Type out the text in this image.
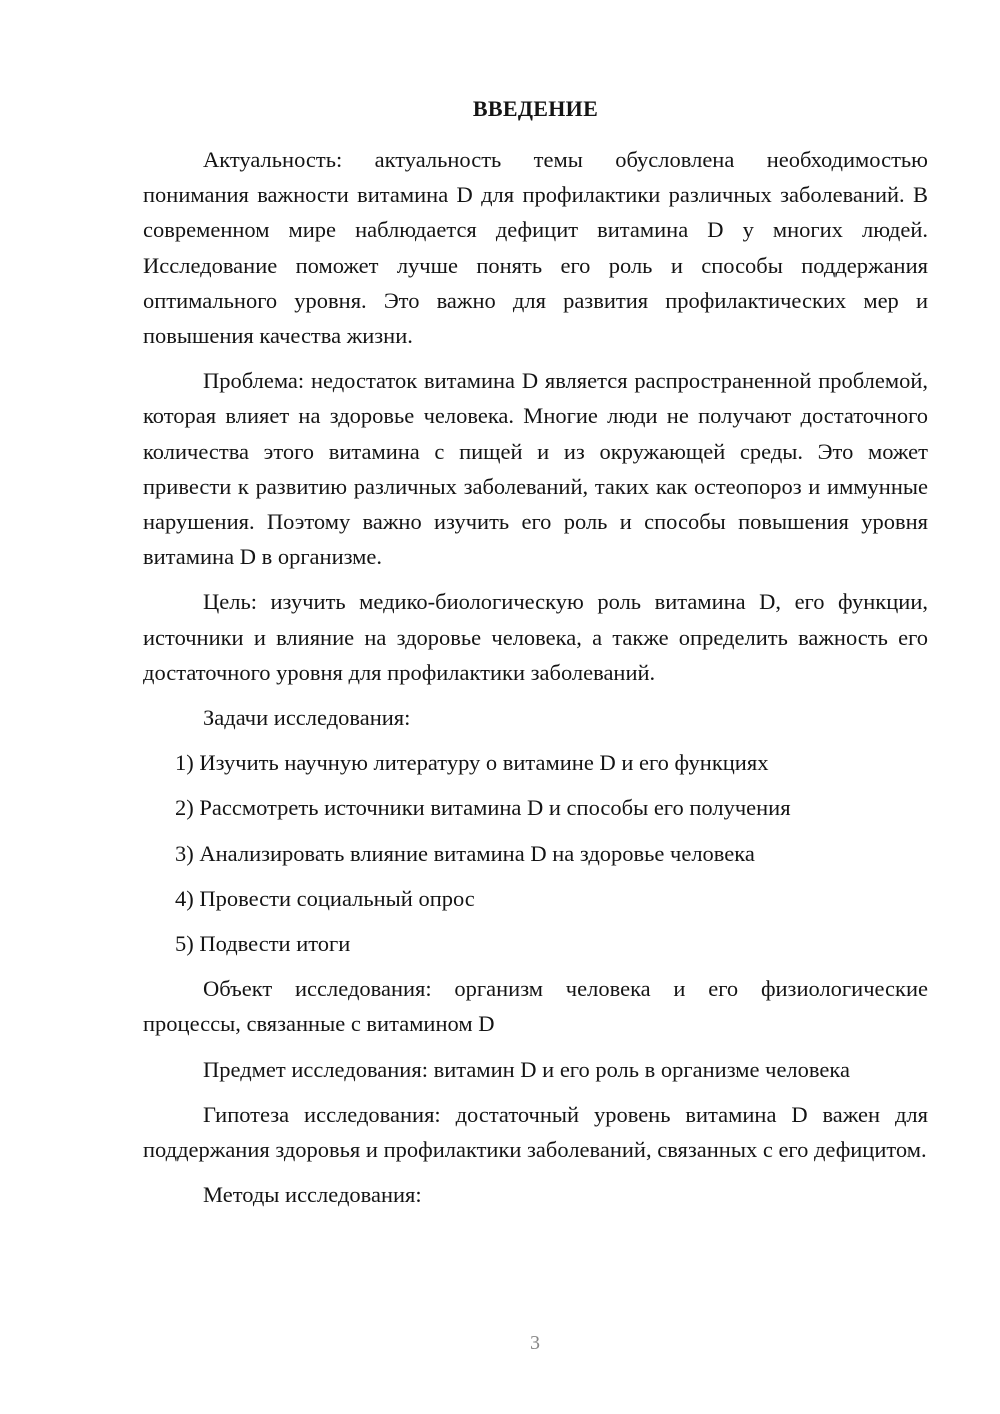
ВВЕДЕНИЕ

Актуальность: актуальность темы обусловлена необходимостью понимания важности витамина D для профилактики различных заболеваний. В современном мире наблюдается дефицит витамина D у многих людей. Исследование поможет лучше понять его роль и способы поддержания оптимального уровня. Это важно для развития профилактических мер и повышения качества жизни.

Проблема: недостаток витамина D является распространенной проблемой, которая влияет на здоровье человека. Многие люди не получают достаточного количества этого витамина с пищей и из окружающей среды. Это может привести к развитию различных заболеваний, таких как остеопороз и иммунные нарушения. Поэтому важно изучить его роль и способы повышения уровня витамина D в организме.

Цель: изучить медико-биологическую роль витамина D, его функции, источники и влияние на здоровье человека, а также определить важность его достаточного уровня для профилактики заболеваний.

Задачи исследования:

1) Изучить научную литературу о витамине D и его функциях
2) Рассмотреть источники витамина D и способы его получения
3) Анализировать влияние витамина D на здоровье человека
4) Провести социальный опрос
5) Подвести итоги

Объект исследования: организм человека и его физиологические процессы, связанные с витамином D

Предмет исследования: витамин D и его роль в организме человека

Гипотеза исследования: достаточный уровень витамина D важен для поддержания здоровья и профилактики заболеваний, связанных с его дефицитом.

Методы исследования:

3
